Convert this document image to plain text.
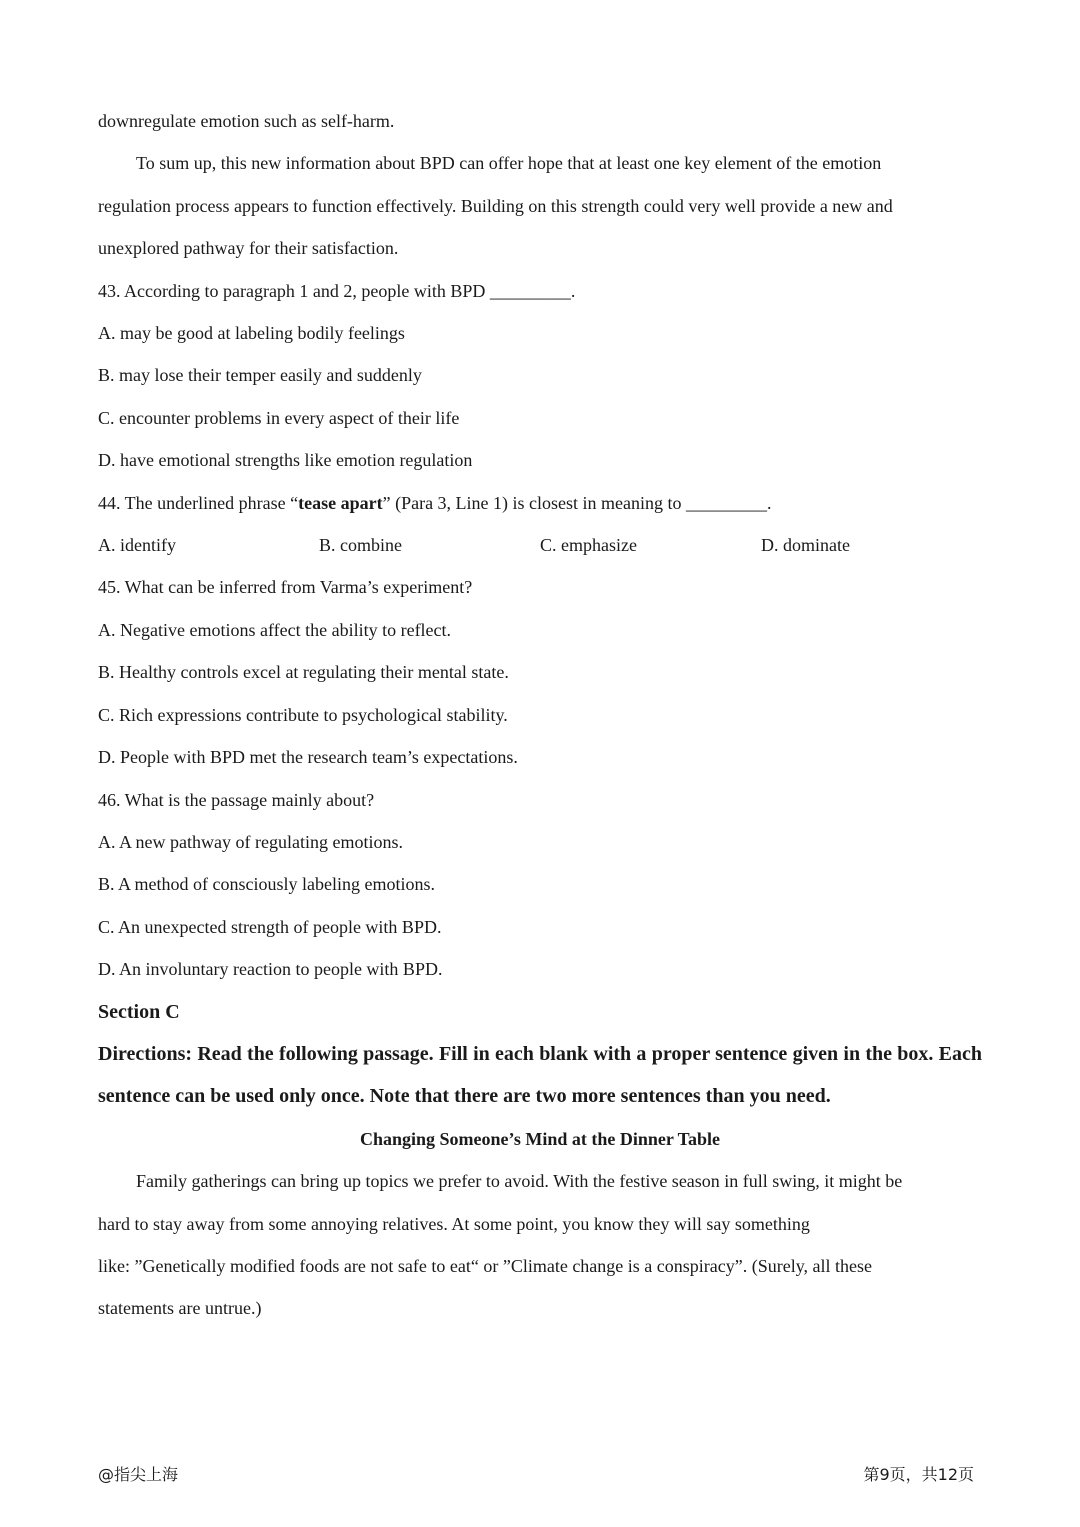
downregulate emotion such as self-harm.
To sum up, this new information about BPD can offer hope that at least one key element of the emotion
regulation process appears to function effectively. Building on this strength could very well provide a new and
unexplored pathway for their satisfaction.
43. According to paragraph 1 and 2, people with BPD _________.
A. may be good at labeling bodily feelings
B. may lose their temper easily and suddenly
C. encounter problems in every aspect of their life
D. have emotional strengths like emotion regulation
44. The underlined phrase “tease apart” (Para 3, Line 1) is closest in meaning to _________.
A. identify	B. combine	C. emphasize	D. dominate
45. What can be inferred from Varma’s experiment?
A. Negative emotions affect the ability to reflect.
B. Healthy controls excel at regulating their mental state.
C. Rich expressions contribute to psychological stability.
D. People with BPD met the research team’s expectations.
46. What is the passage mainly about?
A. A new pathway of regulating emotions.
B. A method of consciously labeling emotions.
C. An unexpected strength of people with BPD.
D. An involuntary reaction to people with BPD.
Section C
Directions: Read the following passage. Fill in each blank with a proper sentence given in the box. Each sentence can be used only once. Note that there are two more sentences than you need.
Changing Someone’s Mind at the Dinner Table
Family gatherings can bring up topics we prefer to avoid. With the festive season in full swing, it might be
hard to stay away from some annoying relatives. At some point, you know they will say something
like: ”Genetically modified foods are not safe to eat“ or ”Climate change is a conspiracy”. (Surely, all these
statements are untrue.)
@指尖上海	第9页，共12页
